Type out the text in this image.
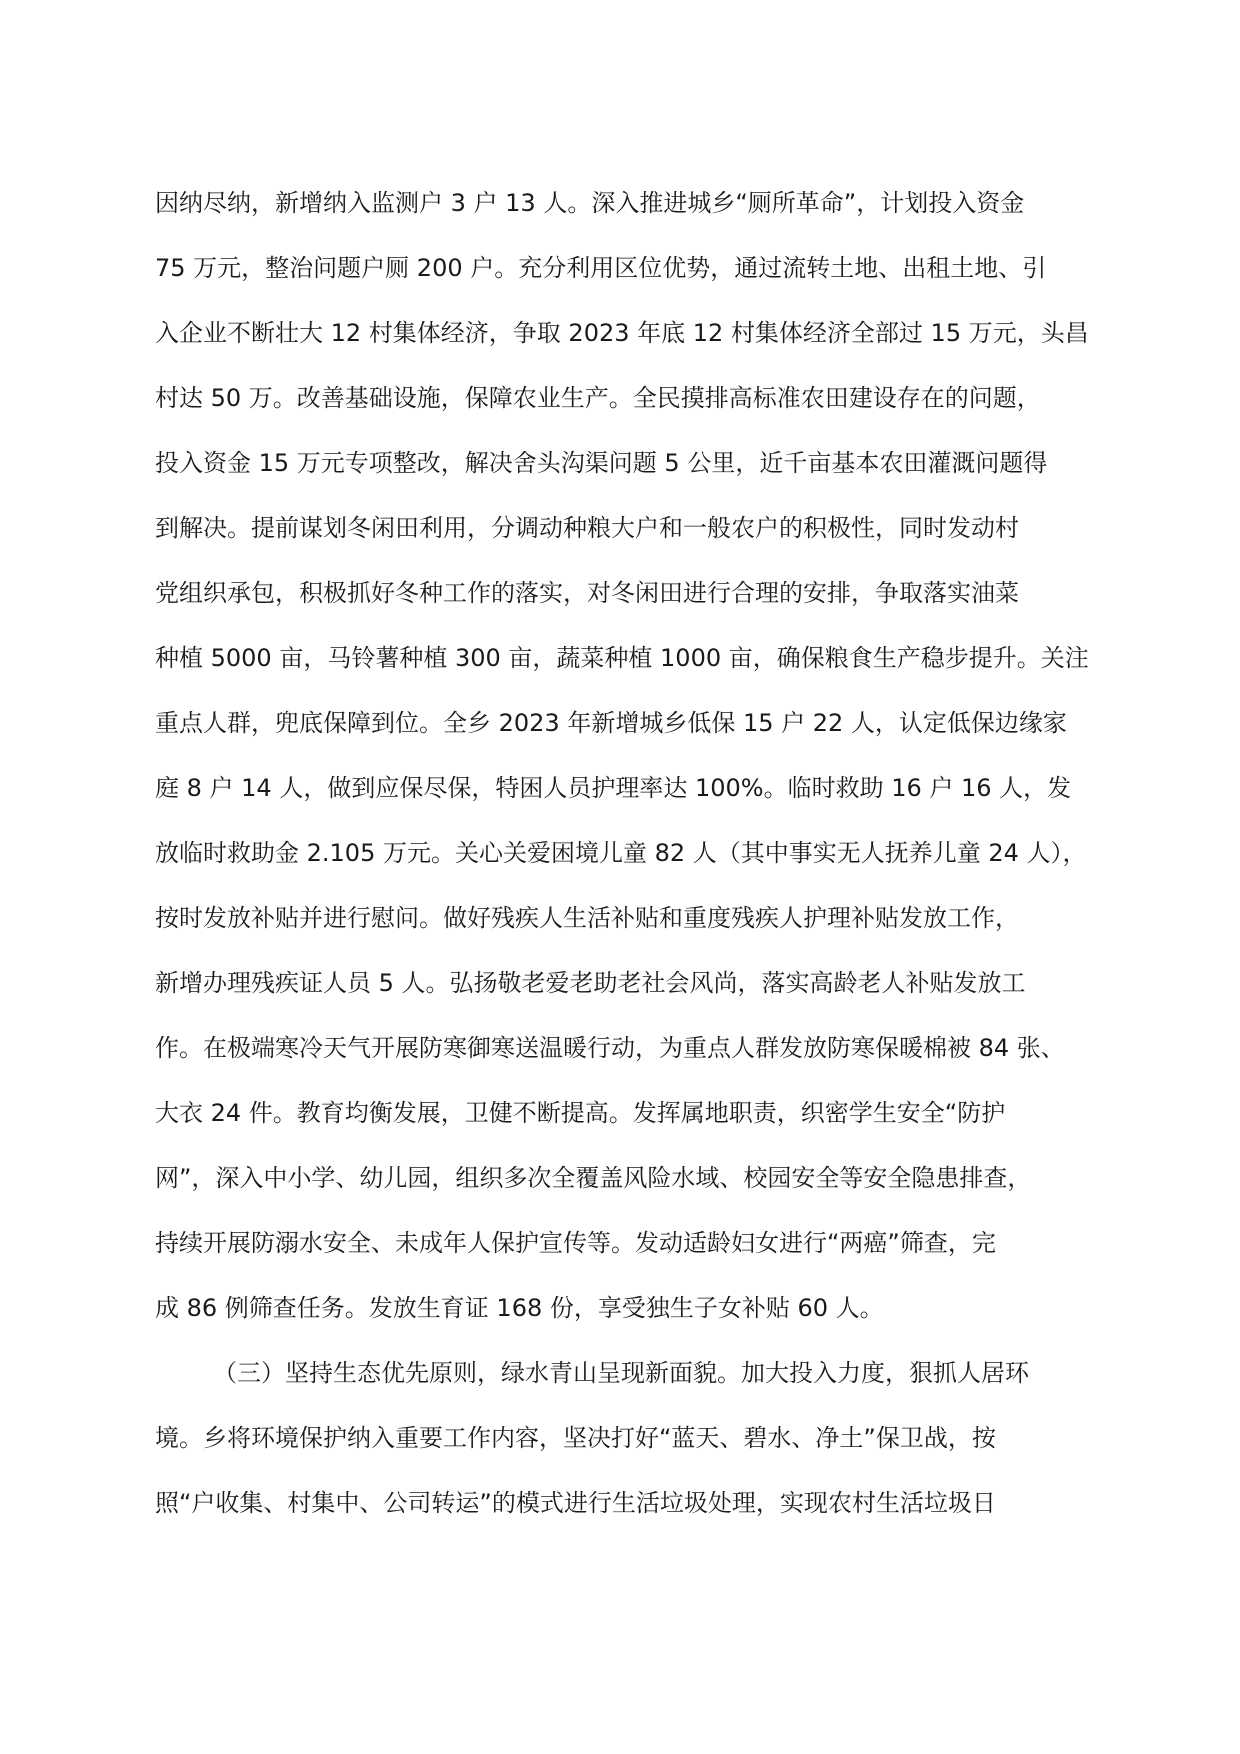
因纳尽纳，新增纳入监测户 3 户 13 人。深入推进城乡“厕所革命”，计划投入资金
75 万元，整治问题户厕 200 户。充分利用区位优势，通过流转土地、出租土地、引
入企业不断壮大 12 村集体经济，争取 2023 年底 12 村集体经济全部过 15 万元，头昌
村达 50 万。改善基础设施，保障农业生产。全民摸排高标准农田建设存在的问题，
投入资金 15 万元专项整改，解决舍头沟渠问题 5 公里，近千亩基本农田灌溉问题得
到解决。提前谋划冬闲田利用，分调动种粮大户和一般农户的积极性，同时发动村
党组织承包，积极抓好冬种工作的落实，对冬闲田进行合理的安排，争取落实油菜
种植 5000 亩，马铃薯种植 300 亩，蔬菜种植 1000 亩，确保粮食生产稳步提升。关注
重点人群，兜底保障到位。全乡 2023 年新增城乡低保 15 户 22 人，认定低保边缘家
庭 8 户 14 人，做到应保尽保，特困人员护理率达 100%。临时救助 16 户 16 人，发
放临时救助金 2.105 万元。关心关爱困境儿童 82 人（其中事实无人抚养儿童 24 人），
按时发放补贴并进行慰问。做好残疾人生活补贴和重度残疾人护理补贴发放工作，
新增办理残疾证人员 5 人。弘扬敬老爱老助老社会风尚，落实高龄老人补贴发放工
作。在极端寒冷天气开展防寒御寒送温暖行动，为重点人群发放防寒保暖棉被 84 张、
大衣 24 件。教育均衡发展，卫健不断提高。发挥属地职责，织密学生安全“防护
网”，深入中小学、幼儿园，组织多次全覆盖风险水域、校园安全等安全隐患排查，
持续开展防溺水安全、未成年人保护宣传等。发动适龄妇女进行“两癌”筛查，完
成 86 例筛查任务。发放生育证 168 份，享受独生子女补贴 60 人。
（三）坚持生态优先原则，绿水青山呈现新面貌。加大投入力度，狠抓人居环
境。乡将环境保护纳入重要工作内容，坚决打好“蓝天、碧水、净土”保卫战，按
照“户收集、村集中、公司转运”的模式进行生活垃圾处理，实现农村生活垃圾日
